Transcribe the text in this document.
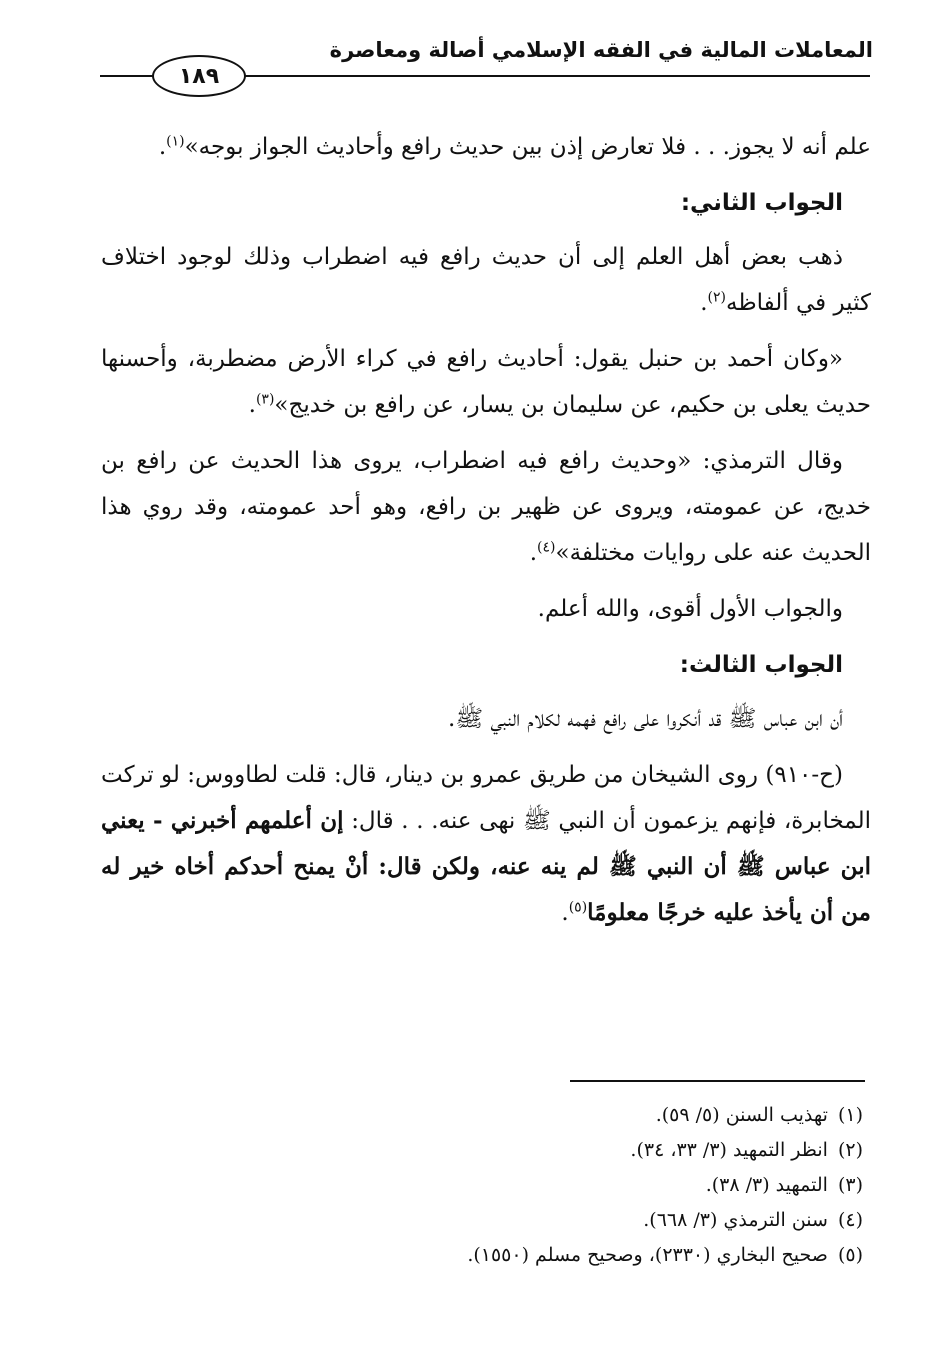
المعاملات المالية في الفقه الإسلامي أصالة ومعاصرة
١٨٩

علم أنه لا يجوز. . . فلا تعارض إذن بين حديث رافع وأحاديث الجواز بوجه»$^{(١)}$.

الجواب الثاني:

ذهب بعض أهل العلم إلى أن حديث رافع فيه اضطراب وذلك لوجود اختلاف كثير في ألفاظه$^{(٢)}$.

«وكان أحمد بن حنبل يقول: أحاديث رافع في كراء الأرض مضطربة، وأحسنها حديث يعلى بن حكيم، عن سليمان بن يسار، عن رافع بن خديج»$^{(٣)}$.

وقال الترمذي: «وحديث رافع فيه اضطراب، يروى هذا الحديث عن رافع بن خديج، عن عمومته، ويروى عن ظهير بن رافع، وهو أحد عمومته، وقد روي هذا الحديث عنه على روايات مختلفة»$^{(٤)}$.

والجواب الأول أقوى، والله أعلم.

الجواب الثالث:

أن ابن عباس ﷺ قد أنكروا على رافع فهمه لكلام النبي ﷺ.

(ح-٩١٠) روى الشيخان من طريق عمرو بن دينار، قال: قلت لطاووس: لو تركت المخابرة، فإنهم يزعمون أن النبي ﷺ نهى عنه. . . قال: إن أعلمهم أخبرني - يعني ابن عباس ﷺ أن النبي ﷺ لم ينه عنه، ولكن قال: أنْ يمنح أحدكم أخاه خير له من أن يأخذ عليه خرجًا معلومًا$^{(٥)}$.

(١)تهذيب السنن (٥/ ٥٩).

(٢)انظر التمهيد (٣/ ٣٣، ٣٤).

(٣)التمهيد (٣/ ٣٨).

(٤)سنن الترمذي (٣/ ٦٦٨).

(٥)صحيح البخاري (٢٣٣٠)، وصحيح مسلم (١٥٥٠).
